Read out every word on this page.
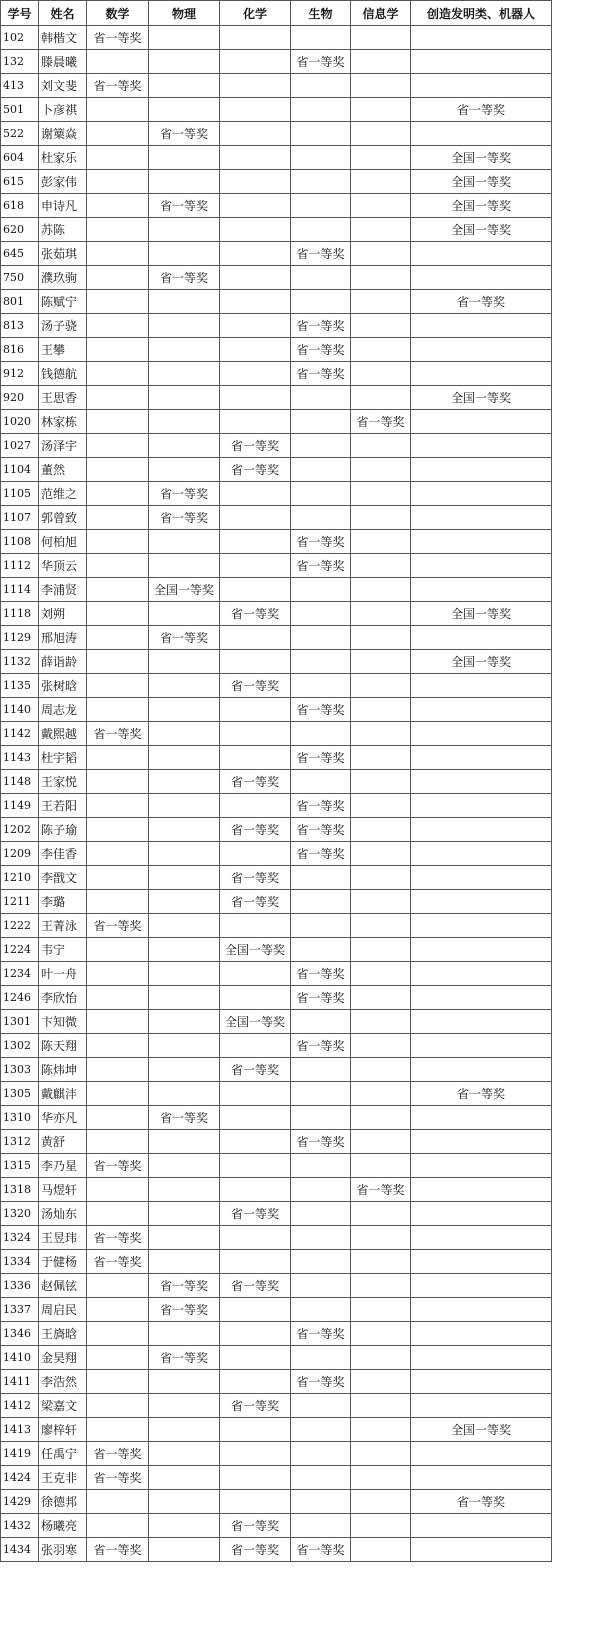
学号	姓名	数学	物理	化学	生物	信息学	创造发明类、机器人
102	韩楷文	省一等奖					
132	滕晨曦				省一等奖		
413	刘文斐	省一等奖					
501	卜彦祺						省一等奖
522	谢篥焱		省一等奖				
604	杜家乐						全国一等奖
615	彭家伟						全国一等奖
618	申诗凡		省一等奖				全国一等奖
620	苏陈						全国一等奖
645	张茹琪				省一等奖		
750	濮玖驹		省一等奖				
801	陈赋宁						省一等奖
813	汤子骁				省一等奖		
816	王攀				省一等奖		
912	钱德航				省一等奖		
920	王思香						全国一等奖
1020	林家栋					省一等奖	
1027	汤泽宇			省一等奖			
1104	董然			省一等奖			
1105	范维之		省一等奖				
1107	郭曾致		省一等奖				
1108	何柏旭				省一等奖		
1112	华顶云				省一等奖		
1114	李浦贤		全国一等奖				
1118	刘朔			省一等奖			全国一等奖
1129	邢旭涛		省一等奖				
1132	薛诣龄						全国一等奖
1135	张树晗			省一等奖			
1140	周志龙				省一等奖		
1142	戴熙越	省一等奖					
1143	杜宇韬				省一等奖		
1148	王家悦			省一等奖			
1149	王若阳				省一等奖		
1202	陈子瑜			省一等奖	省一等奖		
1209	李佳香				省一等奖		
1210	李戬文			省一等奖			
1211	李璐			省一等奖			
1222	王菁泳	省一等奖					
1224	韦宁			全国一等奖			
1234	叶一舟				省一等奖		
1246	李欣怡				省一等奖		
1301	卞知微			全国一等奖			
1302	陈天翔				省一等奖		
1303	陈炜坤			省一等奖			
1305	戴麒沣						省一等奖
1310	华亦凡		省一等奖				
1312	黄舒				省一等奖		
1315	李乃星	省一等奖					
1318	马煜轩					省一等奖	
1320	汤灿东			省一等奖			
1324	王昱玮	省一等奖					
1334	于健杨	省一等奖					
1336	赵佩铉		省一等奖	省一等奖			
1337	周启民		省一等奖				
1346	王旖晗				省一等奖		
1410	金昊翔		省一等奖				
1411	李浩然				省一等奖		
1412	梁嘉文			省一等奖			
1413	廖梓轩						全国一等奖
1419	任禹宁	省一等奖					
1424	王克非	省一等奖					
1429	徐德邦						省一等奖
1432	杨曦亮			省一等奖			
1434	张羽寒	省一等奖		省一等奖	省一等奖		
